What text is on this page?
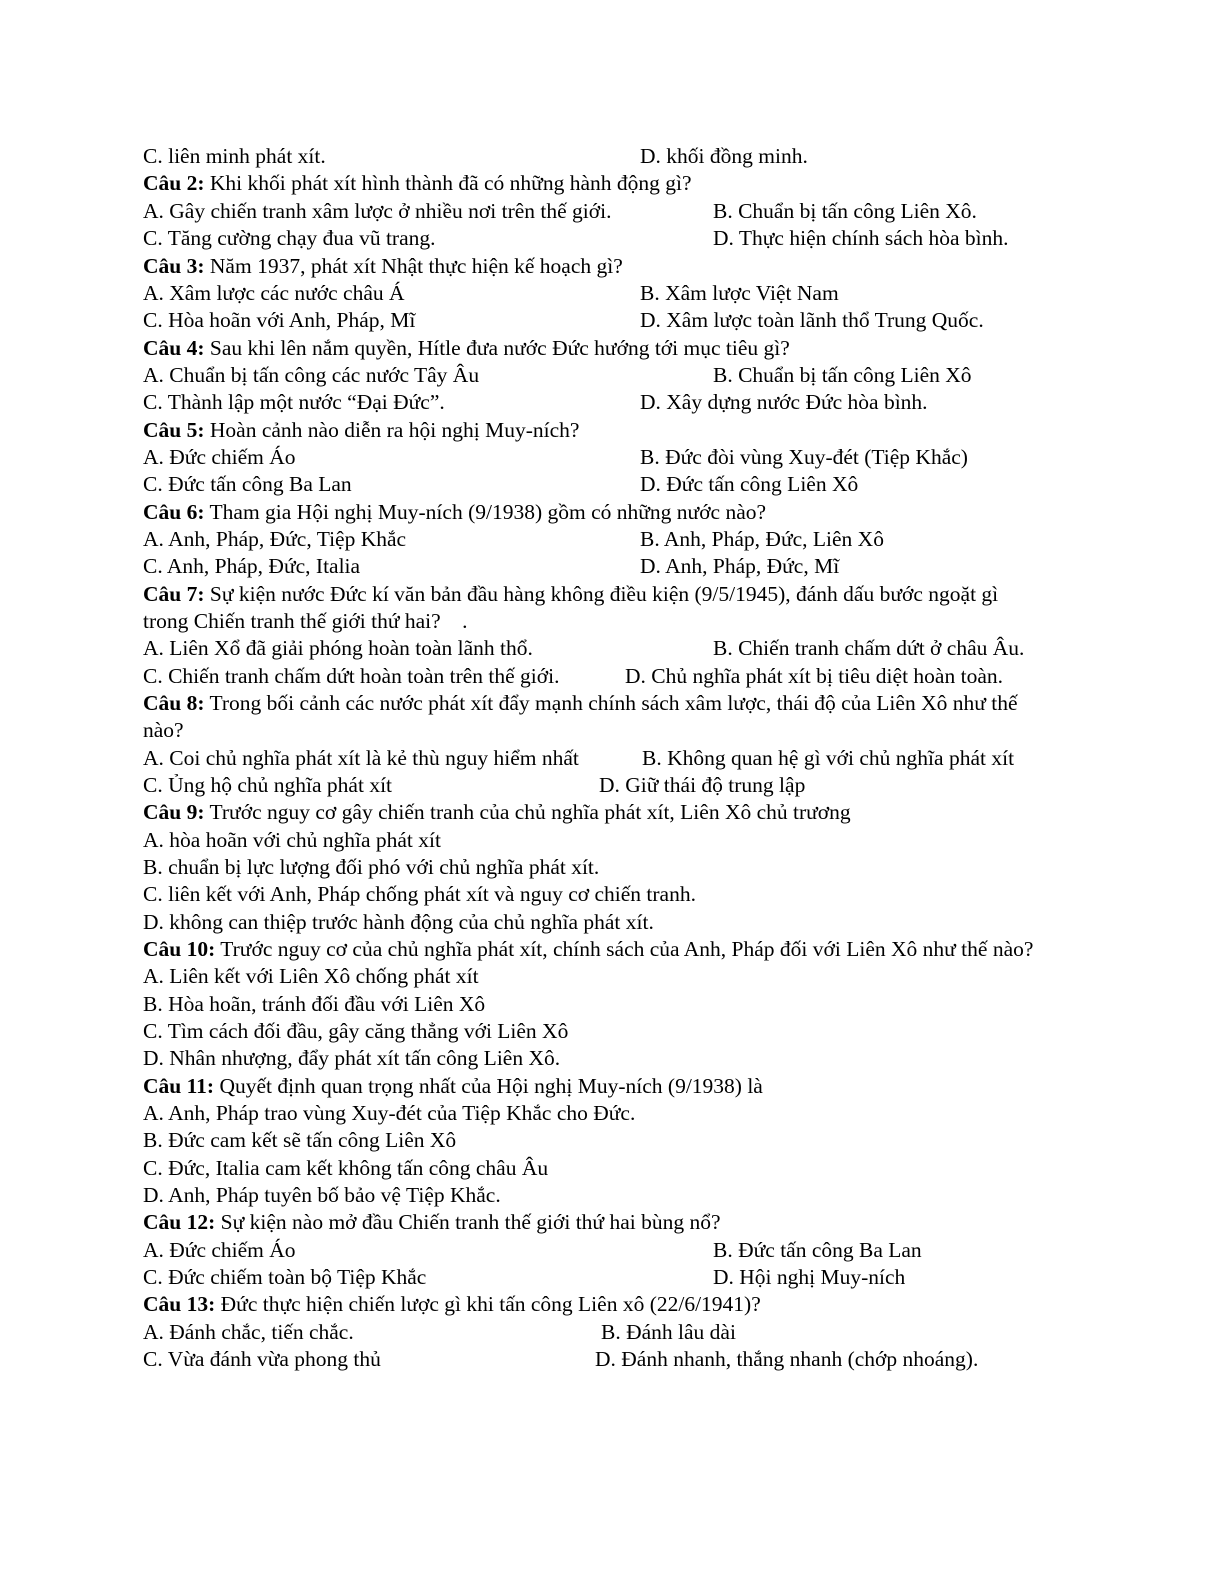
C. liên minh phát xít.	D. khối đồng minh.
Câu 2: Khi khối phát xít hình thành đã có những hành động gì?
A. Gây chiến tranh xâm lược ở nhiều nơi trên thế giới.	B. Chuẩn bị tấn công Liên Xô.
C. Tăng cường chạy đua vũ trang.	D. Thực hiện chính sách hòa bình.
Câu 3: Năm 1937, phát xít Nhật thực hiện kế hoạch gì?
A. Xâm lược các nước châu Á	B. Xâm lược Việt Nam
C. Hòa hoãn với Anh, Pháp, Mĩ	D. Xâm lược toàn lãnh thổ Trung Quốc.
Câu 4: Sau khi lên nắm quyền, Hítle đưa nước Đức hướng tới mục tiêu gì?
A. Chuẩn bị tấn công các nước Tây Âu	B. Chuẩn bị tấn công Liên Xô
C. Thành lập một nước “Đại Đức”.	D. Xây dựng nước Đức hòa bình.
Câu 5: Hoàn cảnh nào diễn ra hội nghị Muy-ních?
A. Đức chiếm Áo	B. Đức đòi vùng Xuy-đét (Tiệp Khắc)
C. Đức tấn công Ba Lan	D. Đức tấn công Liên Xô
Câu 6: Tham gia Hội nghị Muy-ních (9/1938) gồm có những nước nào?
A. Anh, Pháp, Đức, Tiệp Khắc	B. Anh, Pháp, Đức, Liên Xô
C. Anh, Pháp, Đức, Italia	D. Anh, Pháp, Đức, Mĩ
Câu 7: Sự kiện nước Đức kí văn bản đầu hàng không điều kiện (9/5/1945), đánh dấu bước ngoặt gì
trong Chiến tranh thế giới thứ hai?    .
A. Liên Xổ đã giải phóng hoàn toàn lãnh thổ.	B. Chiến tranh chấm dứt ở châu Âu.
C. Chiến tranh chấm dứt hoàn toàn trên thế giới.	D. Chủ nghĩa phát xít bị tiêu diệt hoàn toàn.
Câu 8: Trong bối cảnh các nước phát xít đẩy mạnh chính sách xâm lược, thái độ của Liên Xô như thế
nào?
A. Coi chủ nghĩa phát xít là kẻ thù nguy hiểm nhất	B. Không quan hệ gì với chủ nghĩa phát xít
C. Ủng hộ chủ nghĩa phát xít	D. Giữ thái độ trung lập
Câu 9: Trước nguy cơ gây chiến tranh của chủ nghĩa phát xít, Liên Xô chủ trương
A. hòa hoãn với chủ nghĩa phát xít
B. chuẩn bị lực lượng đối phó với chủ nghĩa phát xít.
C. liên kết với Anh, Pháp chống phát xít và nguy cơ chiến tranh.
D. không can thiệp trước hành động của chủ nghĩa phát xít.
Câu 10: Trước nguy cơ của chủ nghĩa phát xít, chính sách của Anh, Pháp đối với Liên Xô như thế nào?
A. Liên kết với Liên Xô chống phát xít
B. Hòa hoãn, tránh đối đầu với Liên Xô
C. Tìm cách đối đầu, gây căng thẳng với Liên Xô
D. Nhân nhượng, đẩy phát xít tấn công Liên Xô.
Câu 11: Quyết định quan trọng nhất của Hội nghị Muy-ních (9/1938) là
A. Anh, Pháp trao vùng Xuy-đét của Tiệp Khắc cho Đức.
B. Đức cam kết sẽ tấn công Liên Xô
C. Đức, Italia cam kết không tấn công châu Âu
D. Anh, Pháp tuyên bố bảo vệ Tiệp Khắc.
Câu 12: Sự kiện nào mở đầu Chiến tranh thế giới thứ hai bùng nổ?
A. Đức chiếm Áo	B. Đức tấn công Ba Lan
C. Đức chiếm toàn bộ Tiệp Khắc	D. Hội nghị Muy-ních
Câu 13: Đức thực hiện chiến lược gì khi tấn công Liên xô (22/6/1941)?
A. Đánh chắc, tiến chắc.	B. Đánh lâu dài
C. Vừa đánh vừa phong thủ	D. Đánh nhanh, thắng nhanh (chớp nhoáng).
